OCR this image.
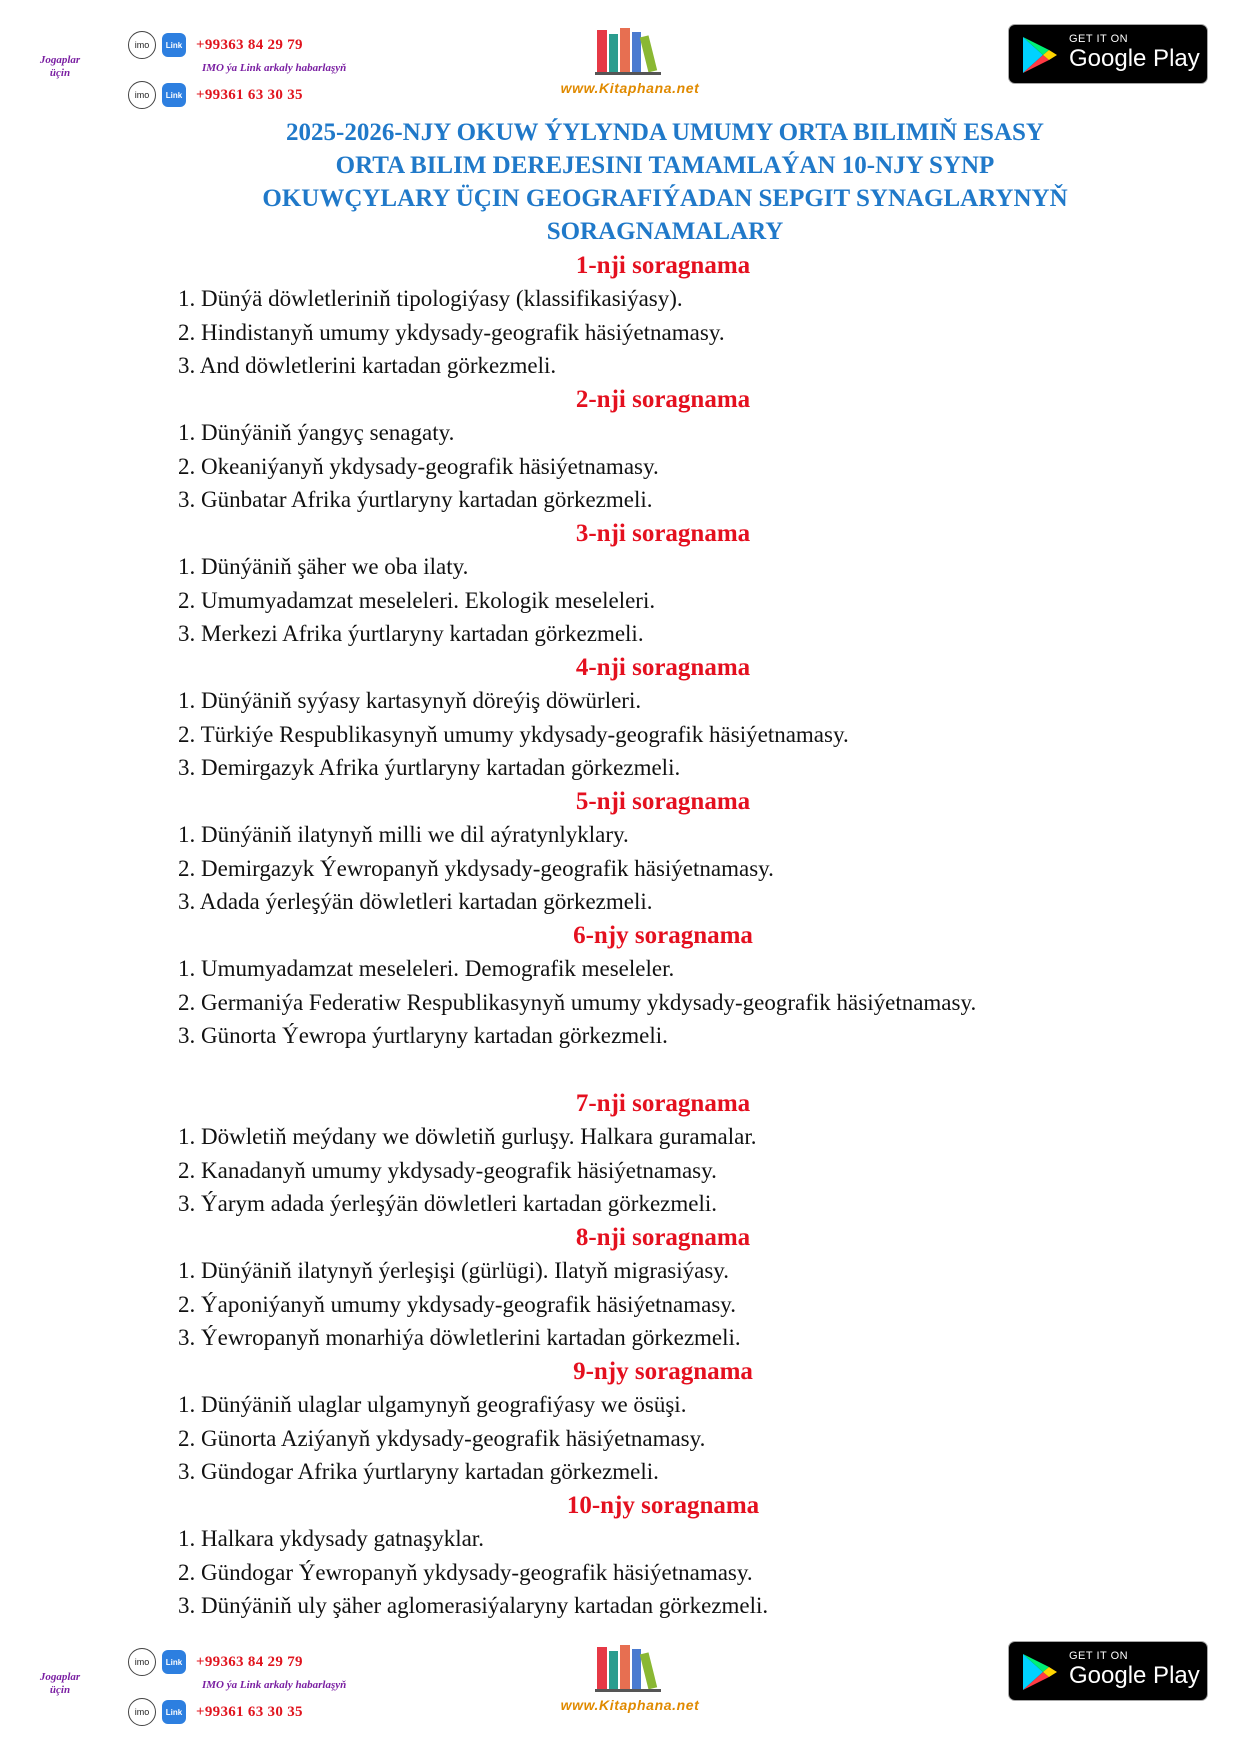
Jogaplar üçin
imo	Link +99363 84 29 79
IMO ýa Link arkaly habarlaşyň
imo	Link +99361 63 30 35	www.Kitaphana.net
GET IT ON
Google Play
2025-2026-NJY OKUW ÝYLYNDA UMUMY ORTA BILIMIŇ ESASY
ORTA BILIM DEREJESINI TAMAMLAÝAN 10-NJY SYNP
OKUWÇYLARY ÜÇIN GEOGRAFIÝADAN SEPGIT SYNAGLARYNYŇ
SORAGNAMALARY
1-nji soragnama
1. Dünýä döwletleriniň tipologiýasy (klassifikasiýasy).
2. Hindistanyň umumy ykdysady-geografik häsiýetnamasy.
3. And döwletlerini kartadan görkezmeli.
2-nji soragnama
1. Dünýäniň ýangyç senagaty.
2. Okeaniýanyň ykdysady-geografik häsiýetnamasy.
3. Günbatar Afrika ýurtlaryny kartadan görkezmeli.
3-nji soragnama
1. Dünýäniň şäher we oba ilaty.
2. Umumyadamzat meseleleri. Ekologik meseleleri.
3. Merkezi Afrika ýurtlaryny kartadan görkezmeli.
4-nji soragnama
1. Dünýäniň syýasy kartasynyň döreýiş döwürleri.
2. Türkiýe Respublikasynyň umumy ykdysady-geografik häsiýetnamasy.
3. Demirgazyk Afrika ýurtlaryny kartadan görkezmeli.
5-nji soragnama
1. Dünýäniň ilatynyň milli we dil aýratynlyklary.
2. Demirgazyk Ýewropanyň ykdysady-geografik häsiýetnamasy.
3. Adada ýerleşýän döwletleri kartadan görkezmeli.
6-njy soragnama
1. Umumyadamzat meseleleri. Demografik meseleler.
2. Germaniýa Federatiw Respublikasynyň umumy ykdysady-geografik häsiýetnamasy.
3. Günorta Ýewropa ýurtlaryny kartadan görkezmeli.
7-nji soragnama
1. Döwletiň meýdany we döwletiň gurluşy. Halkara guramalar.
2. Kanadanyň umumy ykdysady-geografik häsiýetnamasy.
3. Ýarym adada ýerleşýän döwletleri kartadan görkezmeli.
8-nji soragnama
1. Dünýäniň ilatynyň ýerleşişi (gürlügi). Ilatyň migrasiýasy.
2. Ýaponiýanyň umumy ykdysady-geografik häsiýetnamasy.
3. Ýewropanyň monarhiýa döwletlerini kartadan görkezmeli.
9-njy soragnama
1. Dünýäniň ulaglar ulgamynyň geografiýasy we ösüşi.
2. Günorta Aziýanyň ykdysady-geografik häsiýetnamasy.
3. Gündogar Afrika ýurtlaryny kartadan görkezmeli.
10-njy soragnama
1. Halkara ykdysady gatnaşyklar.
2. Gündogar Ýewropanyň ykdysady-geografik häsiýetnamasy.
3. Dünýäniň uly şäher aglomerasiýalaryny kartadan görkezmeli.
Jogaplar üçin
imo	Link +99363 84 29 79
IMO ýa Link arkaly habarlaşyň
imo	Link +99361 63 30 35	www.Kitaphana.net
GET IT ON
Google Play
